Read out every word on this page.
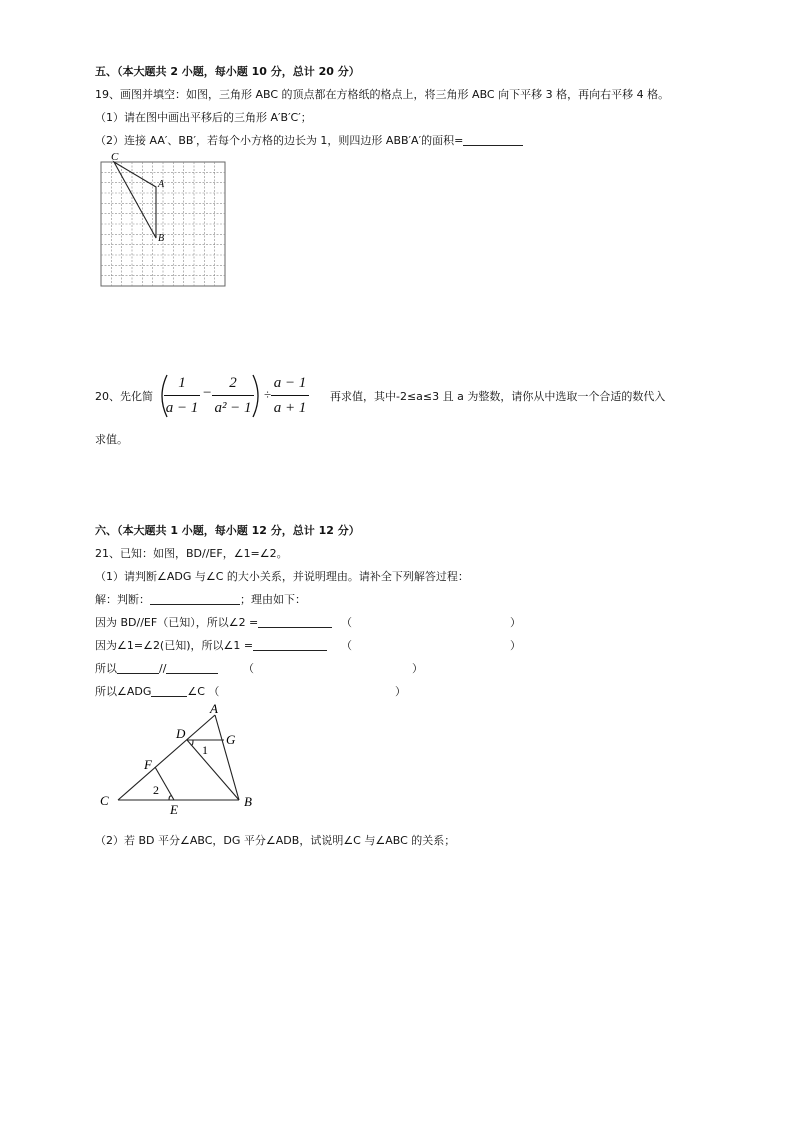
五、（本大题共 2 小题，每小题 10 分，总计 20 分）
19、画图并填空：如图，三角形 ABC 的顶点都在方格纸的格点上，将三角形 ABC 向下平移 3 格，再向右平移 4 格。
（1）请在图中画出平移后的三角形 A′B′C′；
（2）连接 AA′、BB′，若每个小方格的边长为 1，则四边形 ABB′A′的面积=
C
A
B
20、先化简
1
a − 1
−
2
a² − 1
÷
a − 1
a + 1
再求值，其中-2≤a≤3 且 a 为整数，请你从中选取一个合适的数代入
求值。
六、（本大题共 1 小题，每小题 12 分，总计 12 分）
21、已知：如图，BD//EF，∠1=∠2。
（1）请判断∠ADG 与∠C 的大小关系，并说明理由。请补全下列解答过程：
解：判断：	；理由如下：
因为 BD//EF（已知），所以∠2 =	（	）
因为∠1=∠2(已知)，所以∠1 =	（	）
所以	//	（	）
所以∠ADG	∠C （	）
A
D	G
F
C
E
B
1
2
（2）若 BD 平分∠ABC，DG 平分∠ADB，试说明∠C 与∠ABC 的关系；
